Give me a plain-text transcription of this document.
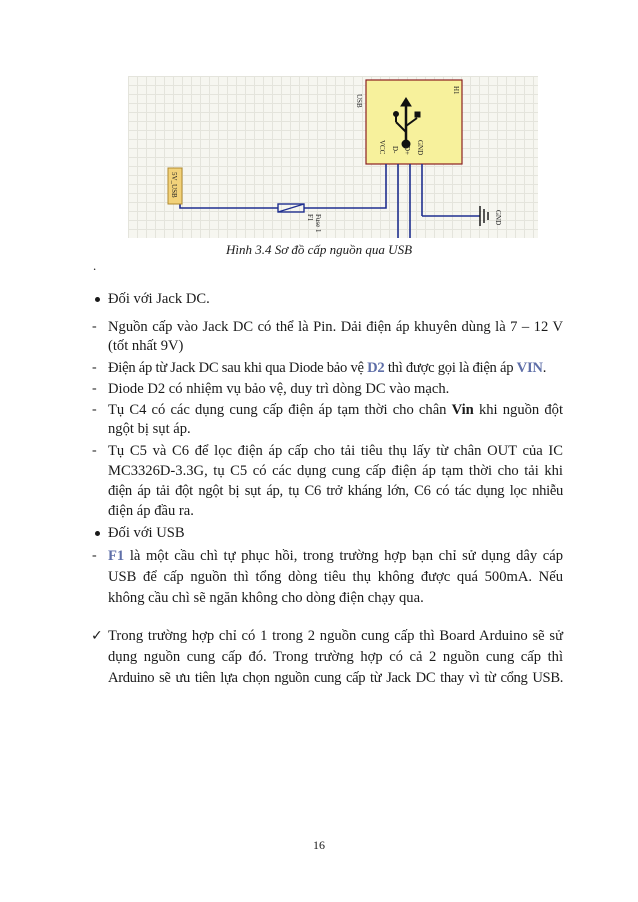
USB
H1
VCC D- D+ GND
F1 Fuse 1
5V_USB
GND
Hình 3.4 Sơ đồ cấp nguồn qua USB
.
Đối với Jack DC.
- Nguồn cấp vào Jack DC có thể là Pin. Dải điện áp khuyên dùng là 7 – 12 V
(tốt nhất 9V)
- Điện áp từ Jack DC sau khi qua Diode bảo vệ D2 thì được gọi là điện áp VIN.
- Diode D2 có nhiệm vụ bảo vệ, duy trì dòng DC vào mạch.
- Tụ C4 có các dụng cung cấp điện áp tạm thời cho chân Vin khi nguồn đột
ngột bị sụt áp.
- Tụ C5 và C6 để lọc điện áp cấp cho tải tiêu thụ lấy từ chân OUT của IC
MC3326D-3.3G, tụ C5 có các dụng cung cấp điện áp tạm thời cho tải khi
điện áp tải đột ngột bị sụt áp, tụ C6 trở kháng lớn, C6 có tác dụng lọc nhiễu
điện áp đầu ra.
Đối với USB
- F1 là một cầu chì tự phục hồi, trong trường hợp bạn chỉ sử dụng dây cáp
USB để cấp nguồn thì tổng dòng tiêu thụ không được quá 500mA. Nếu
không cầu chì sẽ ngăn không cho dòng điện chạy qua.
✓ Trong trường hợp chỉ có 1 trong 2 nguồn cung cấp thì Board Arduino sẽ sử
dụng nguồn cung cấp đó. Trong trường hợp có cả 2 nguồn cung cấp thì
Arduino sẽ ưu tiên lựa chọn nguồn cung cấp từ Jack DC thay vì từ cổng USB.
16
